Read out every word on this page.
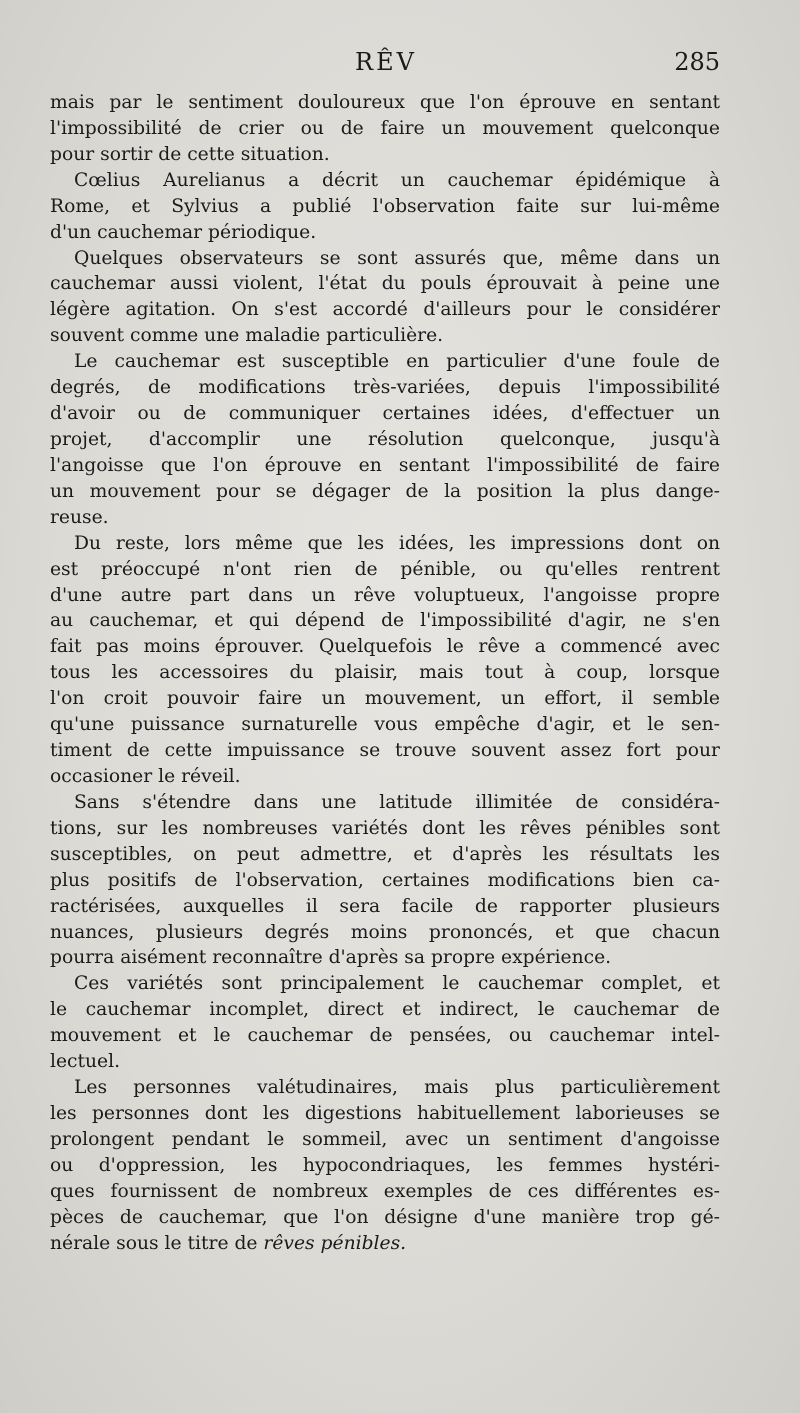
RÊV	285
mais par le sentiment douloureux que l'on éprouve en sentant
l'impossibilité de crier ou de faire un mouvement quelconque
pour sortir de cette situation.
Cœlius Aurelianus a décrit un cauchemar épidémique à
Rome, et Sylvius a publié l'observation faite sur lui-même
d'un cauchemar périodique.
Quelques observateurs se sont assurés que, même dans un
cauchemar aussi violent, l'état du pouls éprouvait à peine une
légère agitation. On s'est accordé d'ailleurs pour le considérer
souvent comme une maladie particulière.
Le cauchemar est susceptible en particulier d'une foule de
degrés, de modifications très-variées, depuis l'impossibilité
d'avoir ou de communiquer certaines idées, d'effectuer un
projet, d'accomplir une résolution quelconque, jusqu'à
l'angoisse que l'on éprouve en sentant l'impossibilité de faire
un mouvement pour se dégager de la position la plus dange-
reuse.
Du reste, lors même que les idées, les impressions dont on
est préoccupé n'ont rien de pénible, ou qu'elles rentrent
d'une autre part dans un rêve voluptueux, l'angoisse propre
au cauchemar, et qui dépend de l'impossibilité d'agir, ne s'en
fait pas moins éprouver. Quelquefois le rêve a commencé avec
tous les accessoires du plaisir, mais tout à coup, lorsque
l'on croit pouvoir faire un mouvement, un effort, il semble
qu'une puissance surnaturelle vous empêche d'agir, et le sen-
timent de cette impuissance se trouve souvent assez fort pour
occasioner le réveil.
Sans s'étendre dans une latitude illimitée de considéra-
tions, sur les nombreuses variétés dont les rêves pénibles sont
susceptibles, on peut admettre, et d'après les résultats les
plus positifs de l'observation, certaines modifications bien ca-
ractérisées, auxquelles il sera facile de rapporter plusieurs
nuances, plusieurs degrés moins prononcés, et que chacun
pourra aisément reconnaître d'après sa propre expérience.
Ces variétés sont principalement le cauchemar complet, et
le cauchemar incomplet, direct et indirect, le cauchemar de
mouvement et le cauchemar de pensées, ou cauchemar intel-
lectuel.
Les personnes valétudinaires, mais plus particulièrement
les personnes dont les digestions habituellement laborieuses se
prolongent pendant le sommeil, avec un sentiment d'angoisse
ou d'oppression, les hypocondriaques, les femmes hystéri-
ques fournissent de nombreux exemples de ces différentes es-
pèces de cauchemar, que l'on désigne d'une manière trop gé-
nérale sous le titre de rêves pénibles.
